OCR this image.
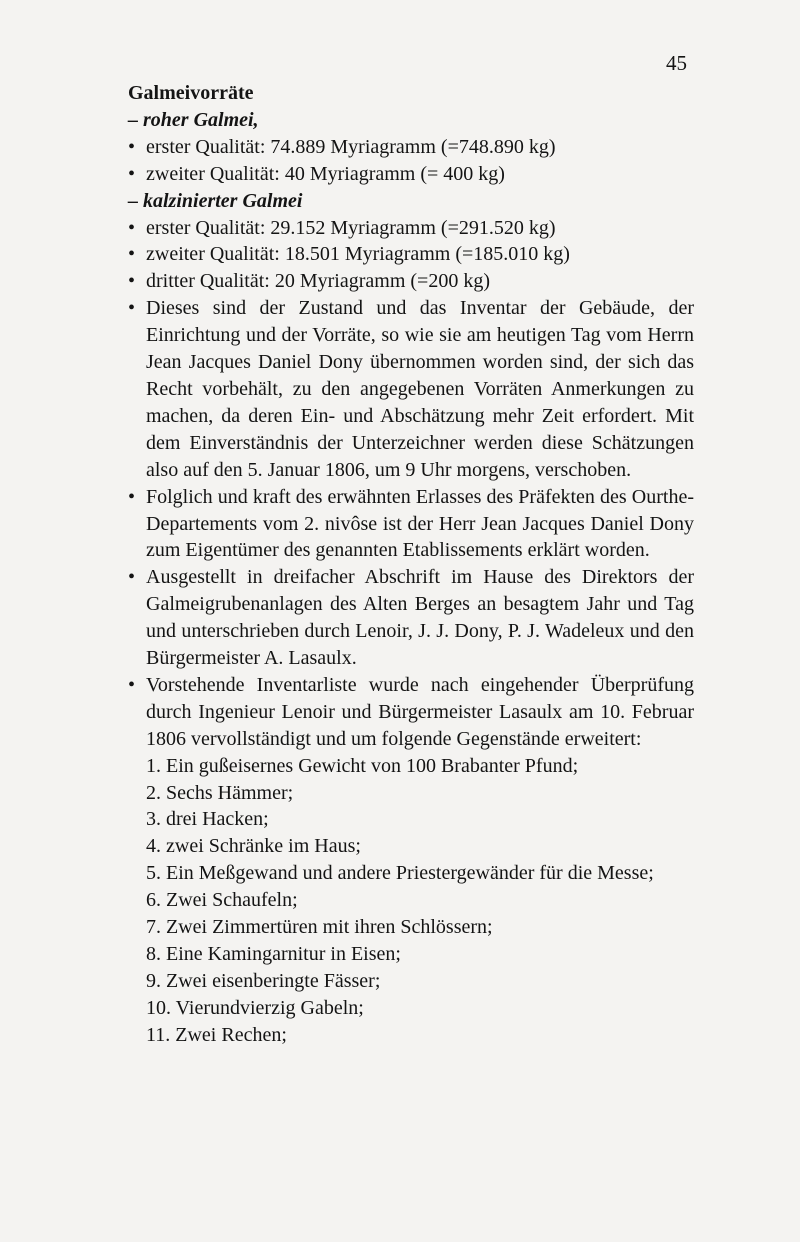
45

Galmeivorräte

– roher Galmei,

• erster Qualität: 74.889 Myriagramm (=748.890 kg)

• zweiter Qualität: 40 Myriagramm (= 400 kg)

– kalzinierter Galmei

• erster Qualität: 29.152 Myriagramm (=291.520 kg)

• zweiter Qualität: 18.501 Myriagramm (=185.010 kg)

• dritter Qualität: 20 Myriagramm (=200 kg)

• Dieses sind der Zustand und das Inventar der Gebäude, der Einrichtung und der Vorräte, so wie sie am heutigen Tag vom Herrn Jean Jacques Daniel Dony übernommen worden sind, der sich das Recht vorbehält, zu den angegebenen Vorräten Anmerkungen zu machen, da deren Ein- und Abschätzung mehr Zeit erfordert. Mit dem Einverständnis der Unterzeichner werden diese Schätzungen also auf den 5. Januar 1806, um 9 Uhr morgens, verschoben.

• Folglich und kraft des erwähnten Erlasses des Präfekten des Ourthe-Departements vom 2. nivôse ist der Herr Jean Jacques Daniel Dony zum Eigentümer des genannten Etablissements erklärt worden.

• Ausgestellt in dreifacher Abschrift im Hause des Direktors der Galmeigrubenanlagen des Alten Berges an besagtem Jahr und Tag und unterschrieben durch Lenoir, J. J. Dony, P. J. Wadeleux und den Bürgermeister A. Lasaulx.

• Vorstehende Inventarliste wurde nach eingehender Überprüfung durch Ingenieur Lenoir und Bürgermeister Lasaulx am 10. Februar 1806 vervollständigt und um folgende Gegenstände erweitert:

1. Ein gußeisernes Gewicht von 100 Brabanter Pfund;

2. Sechs Hämmer;

3. drei Hacken;

4. zwei Schränke im Haus;

5. Ein Meßgewand und andere Priestergewänder für die Messe;

6. Zwei Schaufeln;

7. Zwei Zimmertüren mit ihren Schlössern;

8. Eine Kamingarnitur in Eisen;

9. Zwei eisenberingte Fässer;

10. Vierundvierzig Gabeln;

11. Zwei Rechen;
